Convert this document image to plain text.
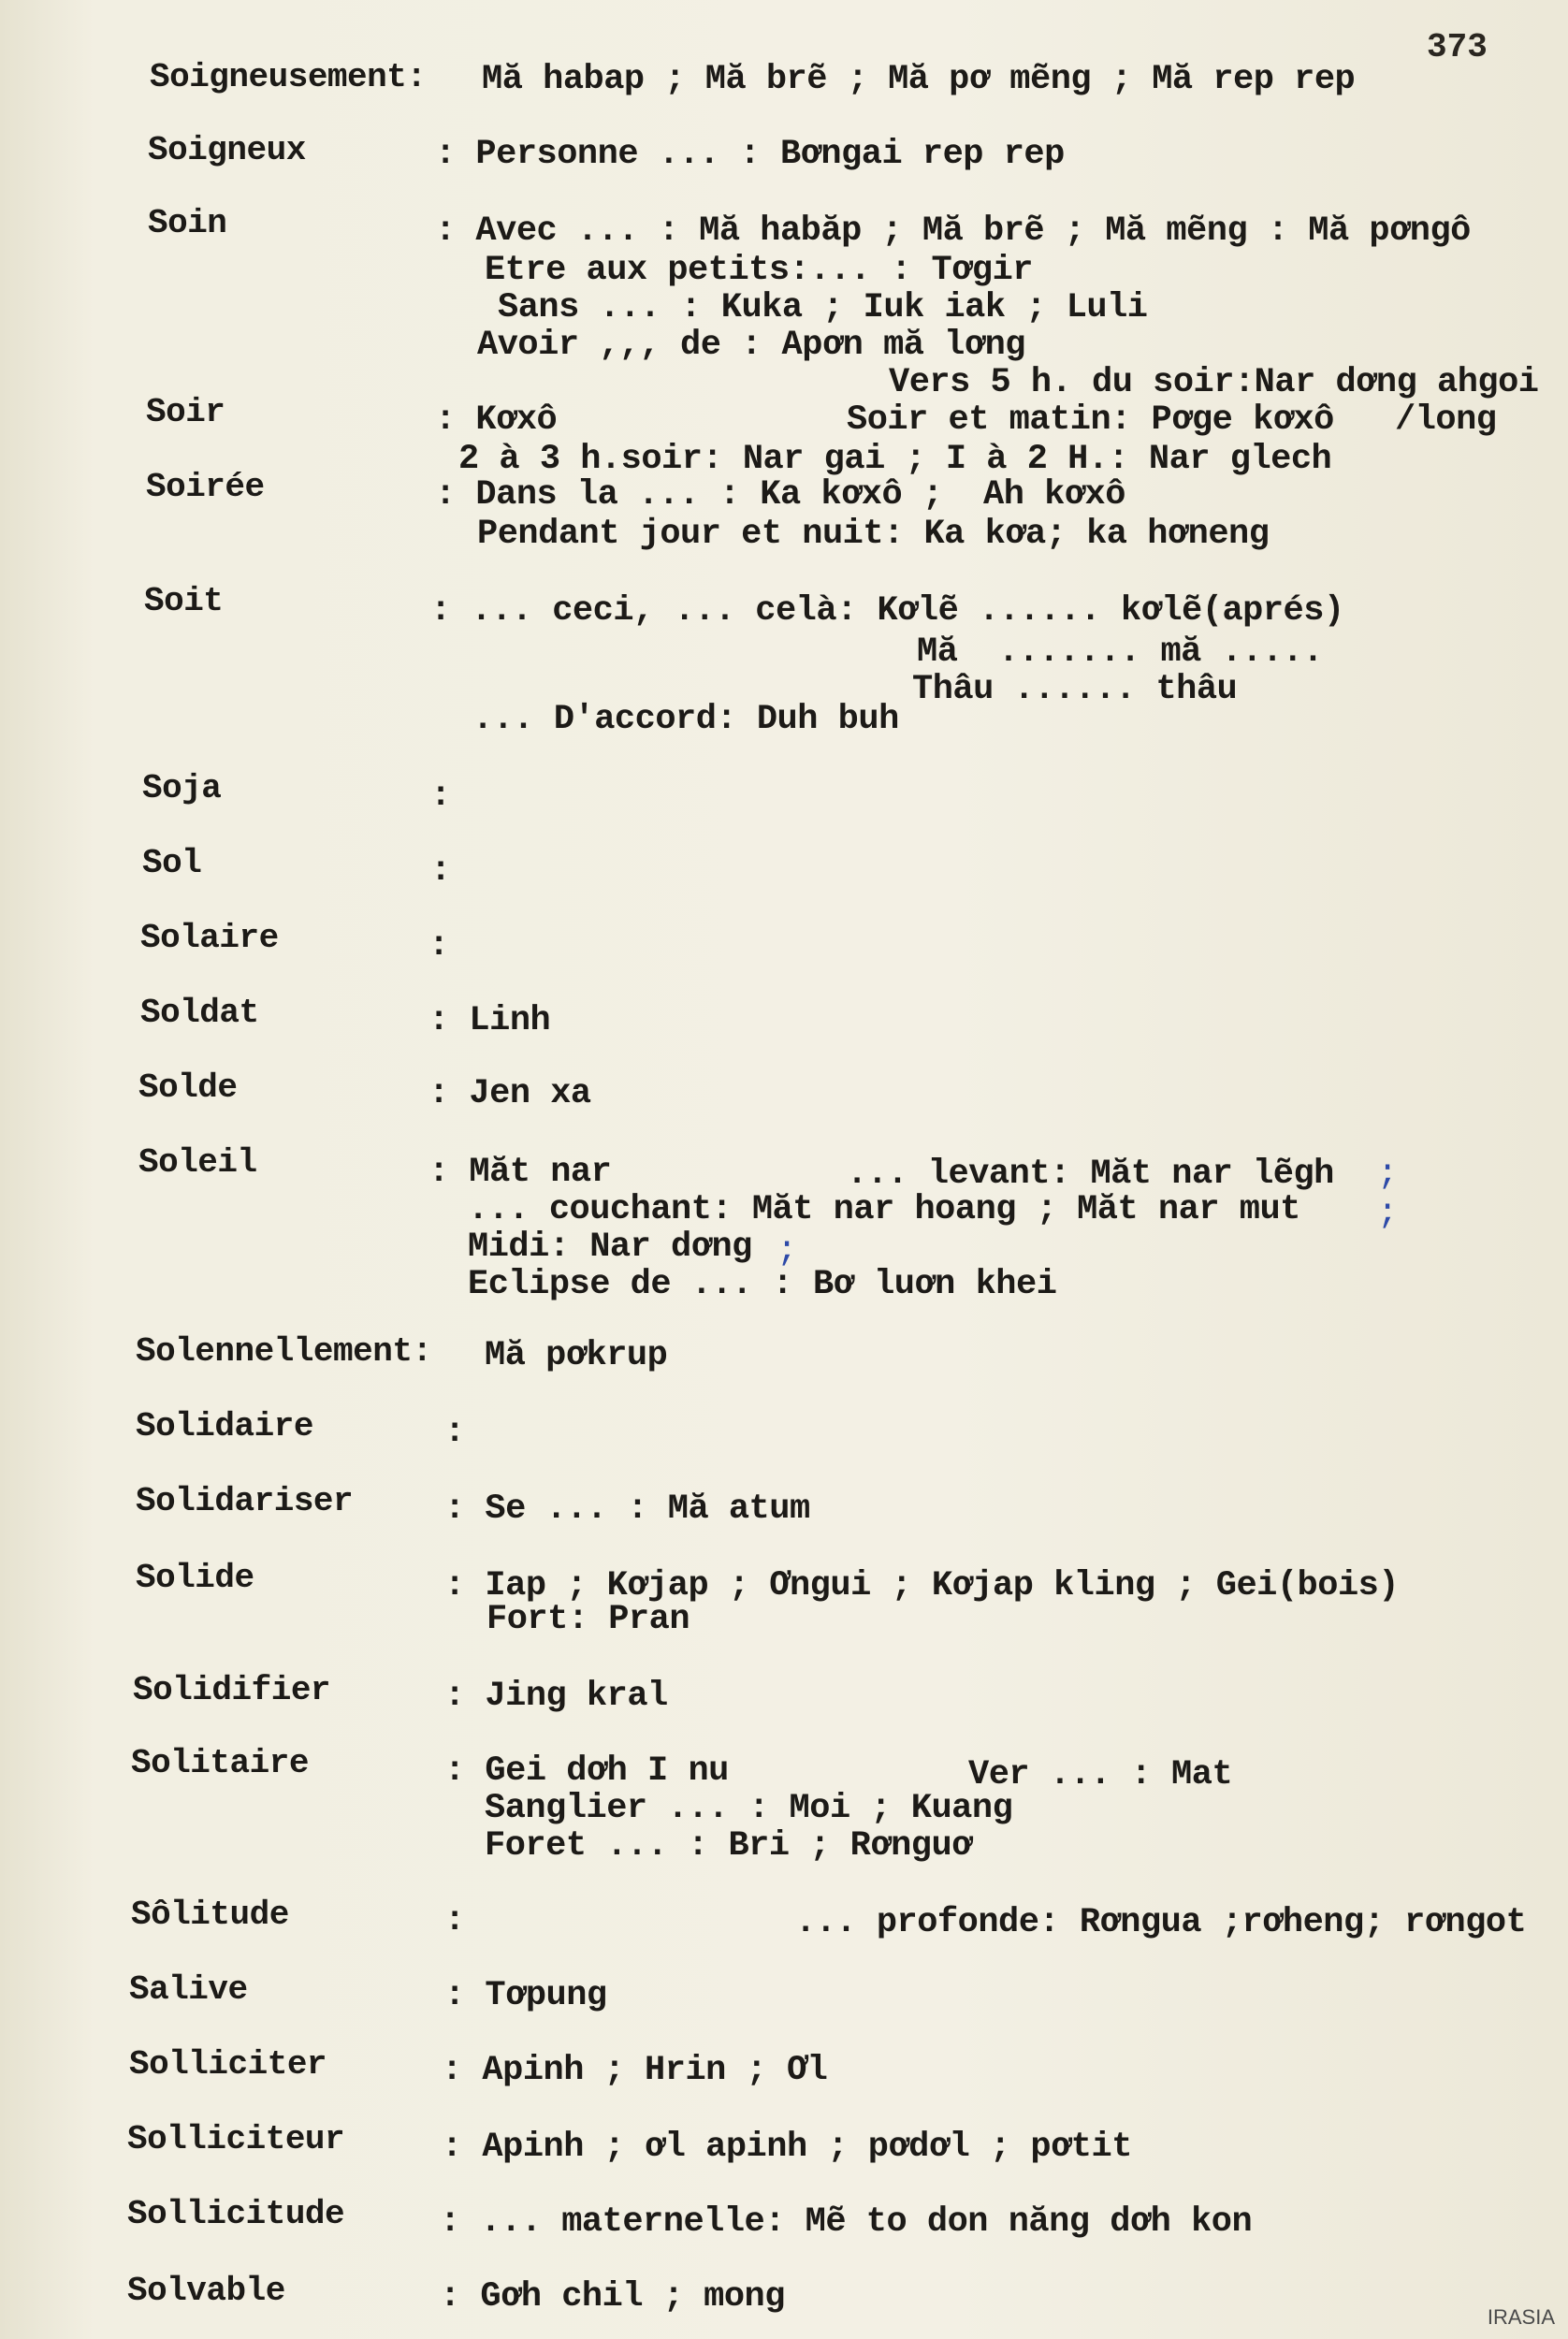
373
Soigneusement: Mă habap ; Mă brẽ ; Mă pơ mẽng ; Mă rep rep
Soigneux	: Personne ... : Bơngai rep rep
Soin	: Avec ... : Mă habăp ; Mă brẽ ; Mă mẽng : Mă pơngô
Etre aux petits:... : Tơgir
Sans ... : Kuka ; Iuk iak ; Luli
Avoir ,,, de : Apơn mă lơng
Vers 5 h. du soir:Nar dơng ahgoi
Soir	: Kơxô	Soir et matin: Pơge kơxô   /long
2 à 3 h.soir: Nar gai ; I à 2 H.: Nar glech
Soirée	: Dans la ... : Ka kơxô ;  Ah kơxô
Pendant jour et nuit: Ka kơa; ka hơneng
Soit	: ... ceci, ... celà: Kơlẽ ...... kơlẽ(aprés)
Mă  ....... mă .....
Thâu ...... thâu
... D'accord: Duh buh
Soja	:
Sol	:
Solaire	:
Soldat	: Linh
Solde	: Jen xa
Soleil	: Măt nar	... levant: Măt nar lẽgh
... couchant: Măt nar hoang ; Măt nar mut
Midi: Nar dơng
Eclipse de ... : Bơ luơn khei
;
;
;
Solennellement: Mă pơkrup
Solidaire	:
Solidariser	: Se ... : Mă atum
Solide	: Iap ; Kơjap ; Ơngui ; Kơjap kling ; Gei(bois)
Fort: Pran
Solidifier	: Jing kral
Solitaire	: Gei dơh I nu	Ver ... : Mat
Sanglier ... : Moi ; Kuang
Foret ... : Bri ; Rơnguơ
Sôlitude	:	... profonde: Rơngua ;rơheng; rơngot
Salive	: Tơpung
Solliciter	: Apinh ; Hrin ; Ơl
Solliciteur	: Apinh ; ơl apinh ; pơdơl ; pơtit
Sollicitude	: ... maternelle: Mẽ to don năng dơh kon
Solvable	: Gơh chil ; mong
IRASIA
